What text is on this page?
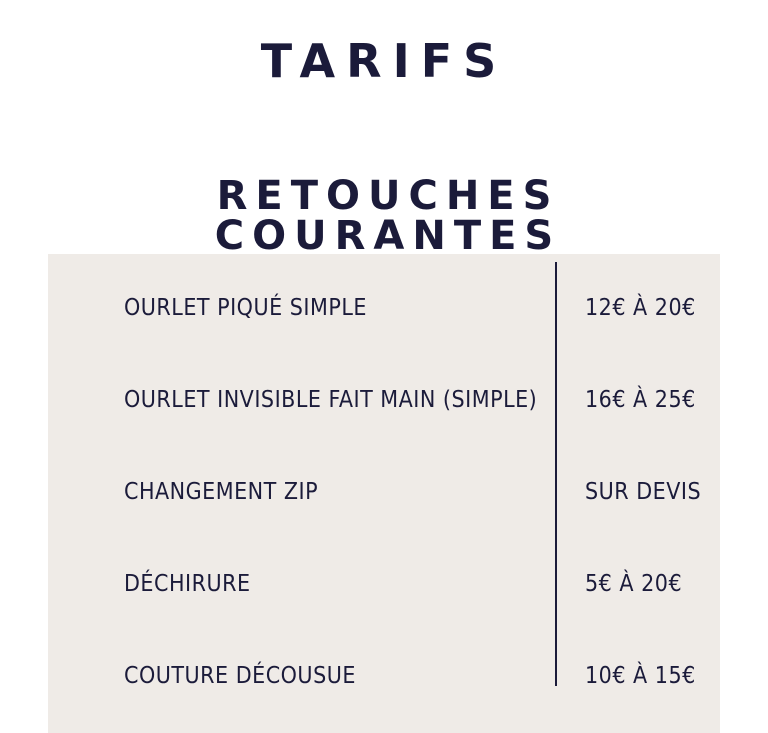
TARIFS
RETOUCHES COURANTES
OURLET PIQUÉ SIMPLE	12€ À 20€
OURLET INVISIBLE FAIT MAIN (SIMPLE) 16€ À 25€
CHANGEMENT ZIP	SUR DEVIS
DÉCHIRURE	5€ À 20€
COUTURE DÉCOUSUE	10€ À 15€
